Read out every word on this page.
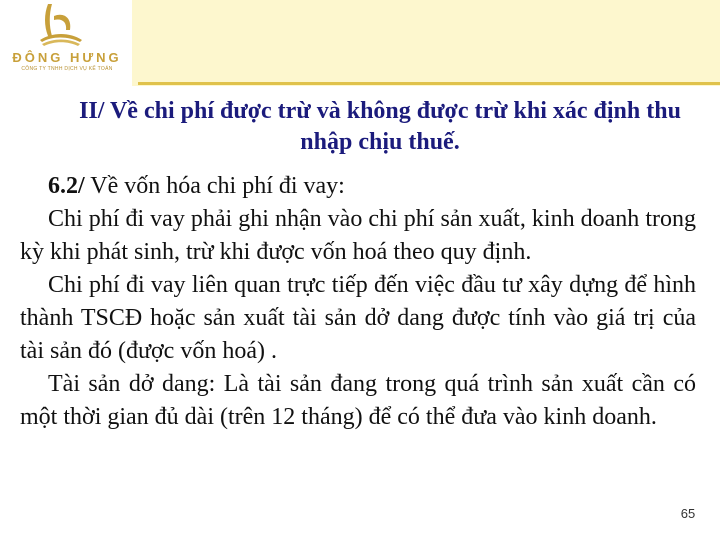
ĐÔNG HƯNG
CÔNG TY TNHH DỊCH VỤ KẾ TOÁN
II/ Về chi phí được trừ và không được trừ khi xác định thu nhập chịu thuế.

6.2/ Về vốn hóa chi phí đi vay:

Chi phí đi vay phải ghi nhận vào chi phí sản xuất, kinh doanh trong kỳ khi phát sinh, trừ khi được vốn hoá theo quy định.

Chi phí đi vay liên quan trực tiếp đến việc đầu tư xây dựng để hình thành TSCĐ hoặc sản xuất tài sản dở dang được tính vào giá trị của tài sản đó (được vốn hoá) .

Tài sản dở dang: Là tài sản đang trong quá trình sản xuất cần có một thời gian đủ dài (trên 12 tháng) để có thể đưa vào kinh doanh.

65
